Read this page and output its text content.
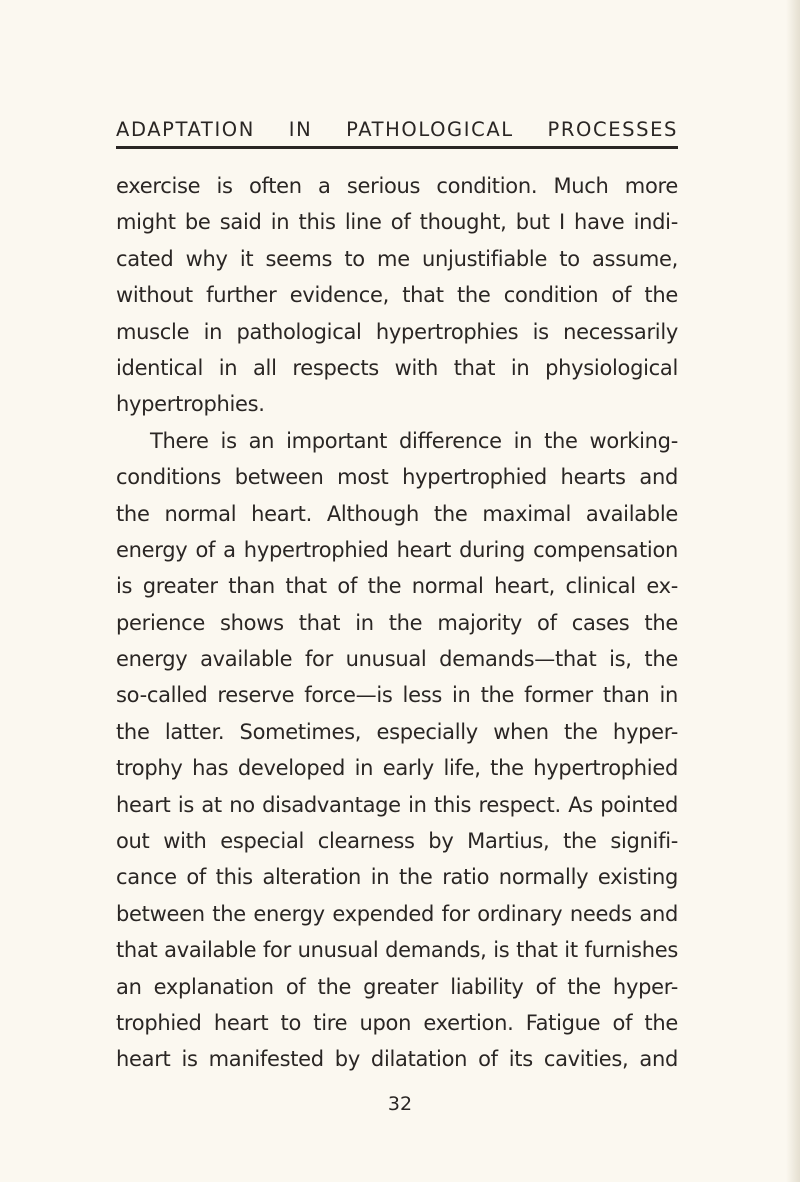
ADAPTATION IN PATHOLOGICAL PROCESSES
exercise is often a serious condition. Much more
might be said in this line of thought, but I have indi-
cated why it seems to me unjustifiable to assume,
without further evidence, that the condition of the
muscle in pathological hypertrophies is necessarily
identical in all respects with that in physiological
hypertrophies.
There is an important difference in the working-
conditions between most hypertrophied hearts and
the normal heart. Although the maximal available
energy of a hypertrophied heart during compensation
is greater than that of the normal heart, clinical ex-
perience shows that in the majority of cases the
energy available for unusual demands—that is, the
so-called reserve force—is less in the former than in
the latter. Sometimes, especially when the hyper-
trophy has developed in early life, the hypertrophied
heart is at no disadvantage in this respect. As pointed
out with especial clearness by Martius, the signifi-
cance of this alteration in the ratio normally existing
between the energy expended for ordinary needs and
that available for unusual demands, is that it furnishes
an explanation of the greater liability of the hyper-
trophied heart to tire upon exertion. Fatigue of the
heart is manifested by dilatation of its cavities, and
32
